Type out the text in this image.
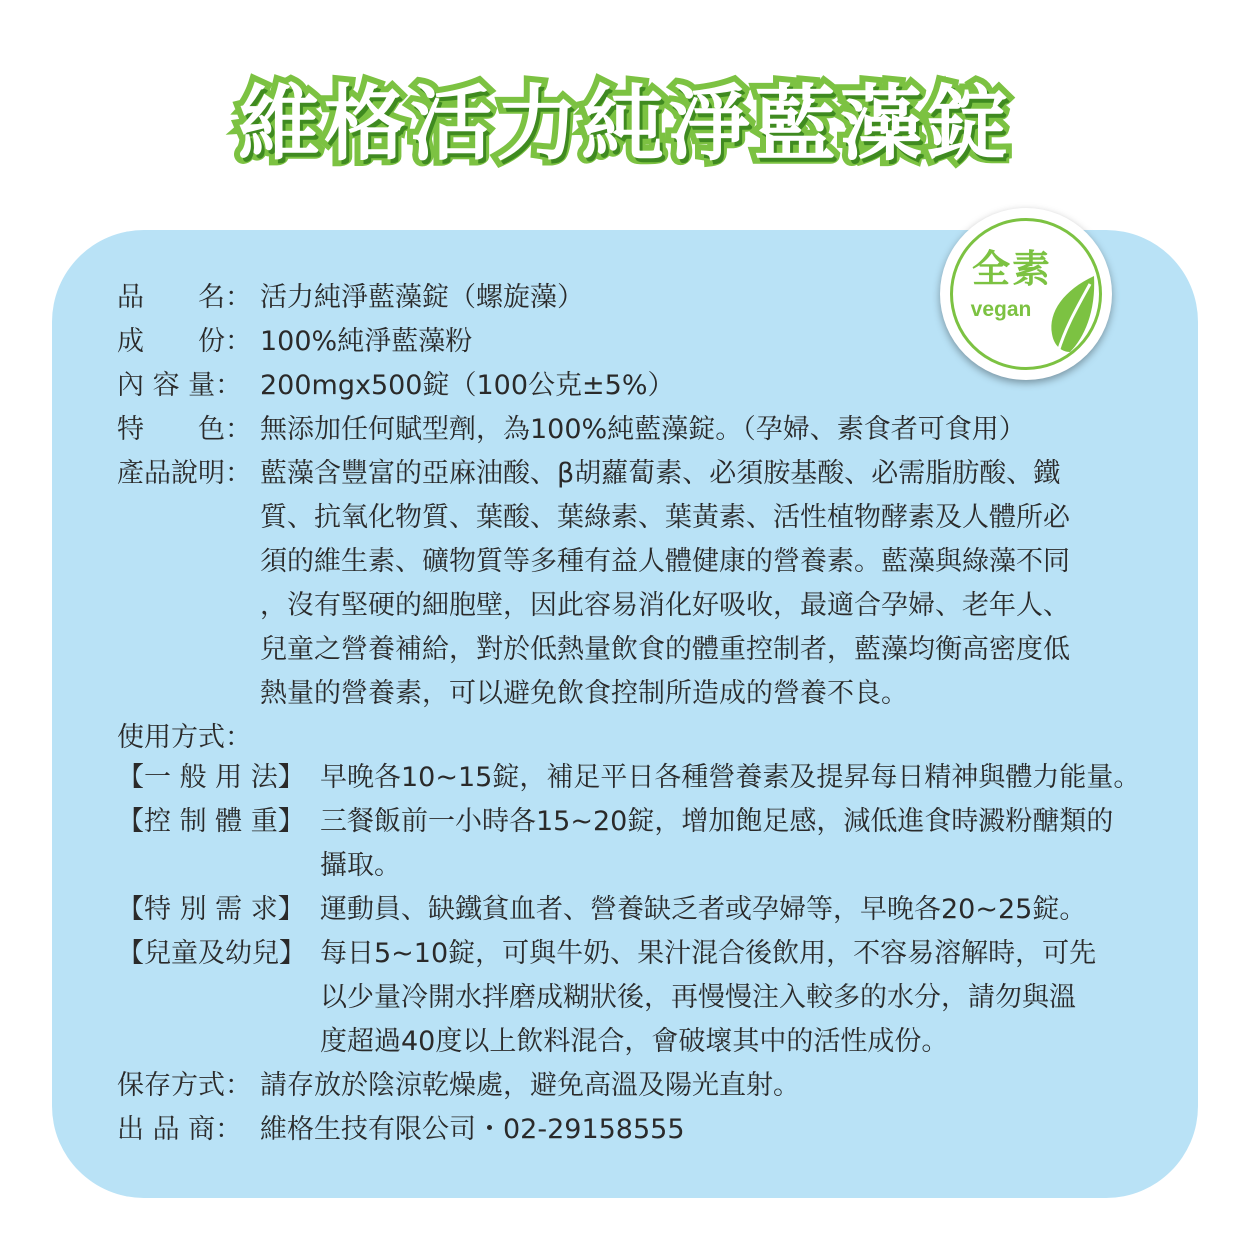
維格活力純淨藍藻錠
全素
vegan
品　　名： 活力純淨藍藻錠（螺旋藻）
成　　份： 100%純淨藍藻粉
內 容 量： 200mgx500錠（100公克±5%）
特　　色： 無添加任何賦型劑，為100%純藍藻錠。（孕婦、素食者可食用）
產品說明： 藍藻含豐富的亞麻油酸、β胡蘿蔔素、必須胺基酸、必需脂肪酸、鐵
質、抗氧化物質、葉酸、葉綠素、葉黃素、活性植物酵素及人體所必
須的維生素、礦物質等多種有益人體健康的營養素。藍藻與綠藻不同
，沒有堅硬的細胞壁，因此容易消化好吸收，最適合孕婦、老年人、
兒童之營養補給，對於低熱量飲食的體重控制者，藍藻均衡高密度低
熱量的營養素，可以避免飲食控制所造成的營養不良。
使用方式：
【一 般 用 法】 早晚各10~15錠，補足平日各種營養素及提昇每日精神與體力能量。
【控 制 體 重】 三餐飯前一小時各15~20錠，增加飽足感，減低進食時澱粉醣類的
攝取。
【特 別 需 求】 運動員、缺鐵貧血者、營養缺乏者或孕婦等，早晚各20~25錠。
【兒童及幼兒】 每日5~10錠，可與牛奶、果汁混合後飲用，不容易溶解時，可先
以少量冷開水拌磨成糊狀後，再慢慢注入較多的水分，請勿與溫
度超過40度以上飲料混合，會破壞其中的活性成份。
保存方式： 請存放於陰涼乾燥處，避免高溫及陽光直射。
出 品 商： 維格生技有限公司・02-29158555
